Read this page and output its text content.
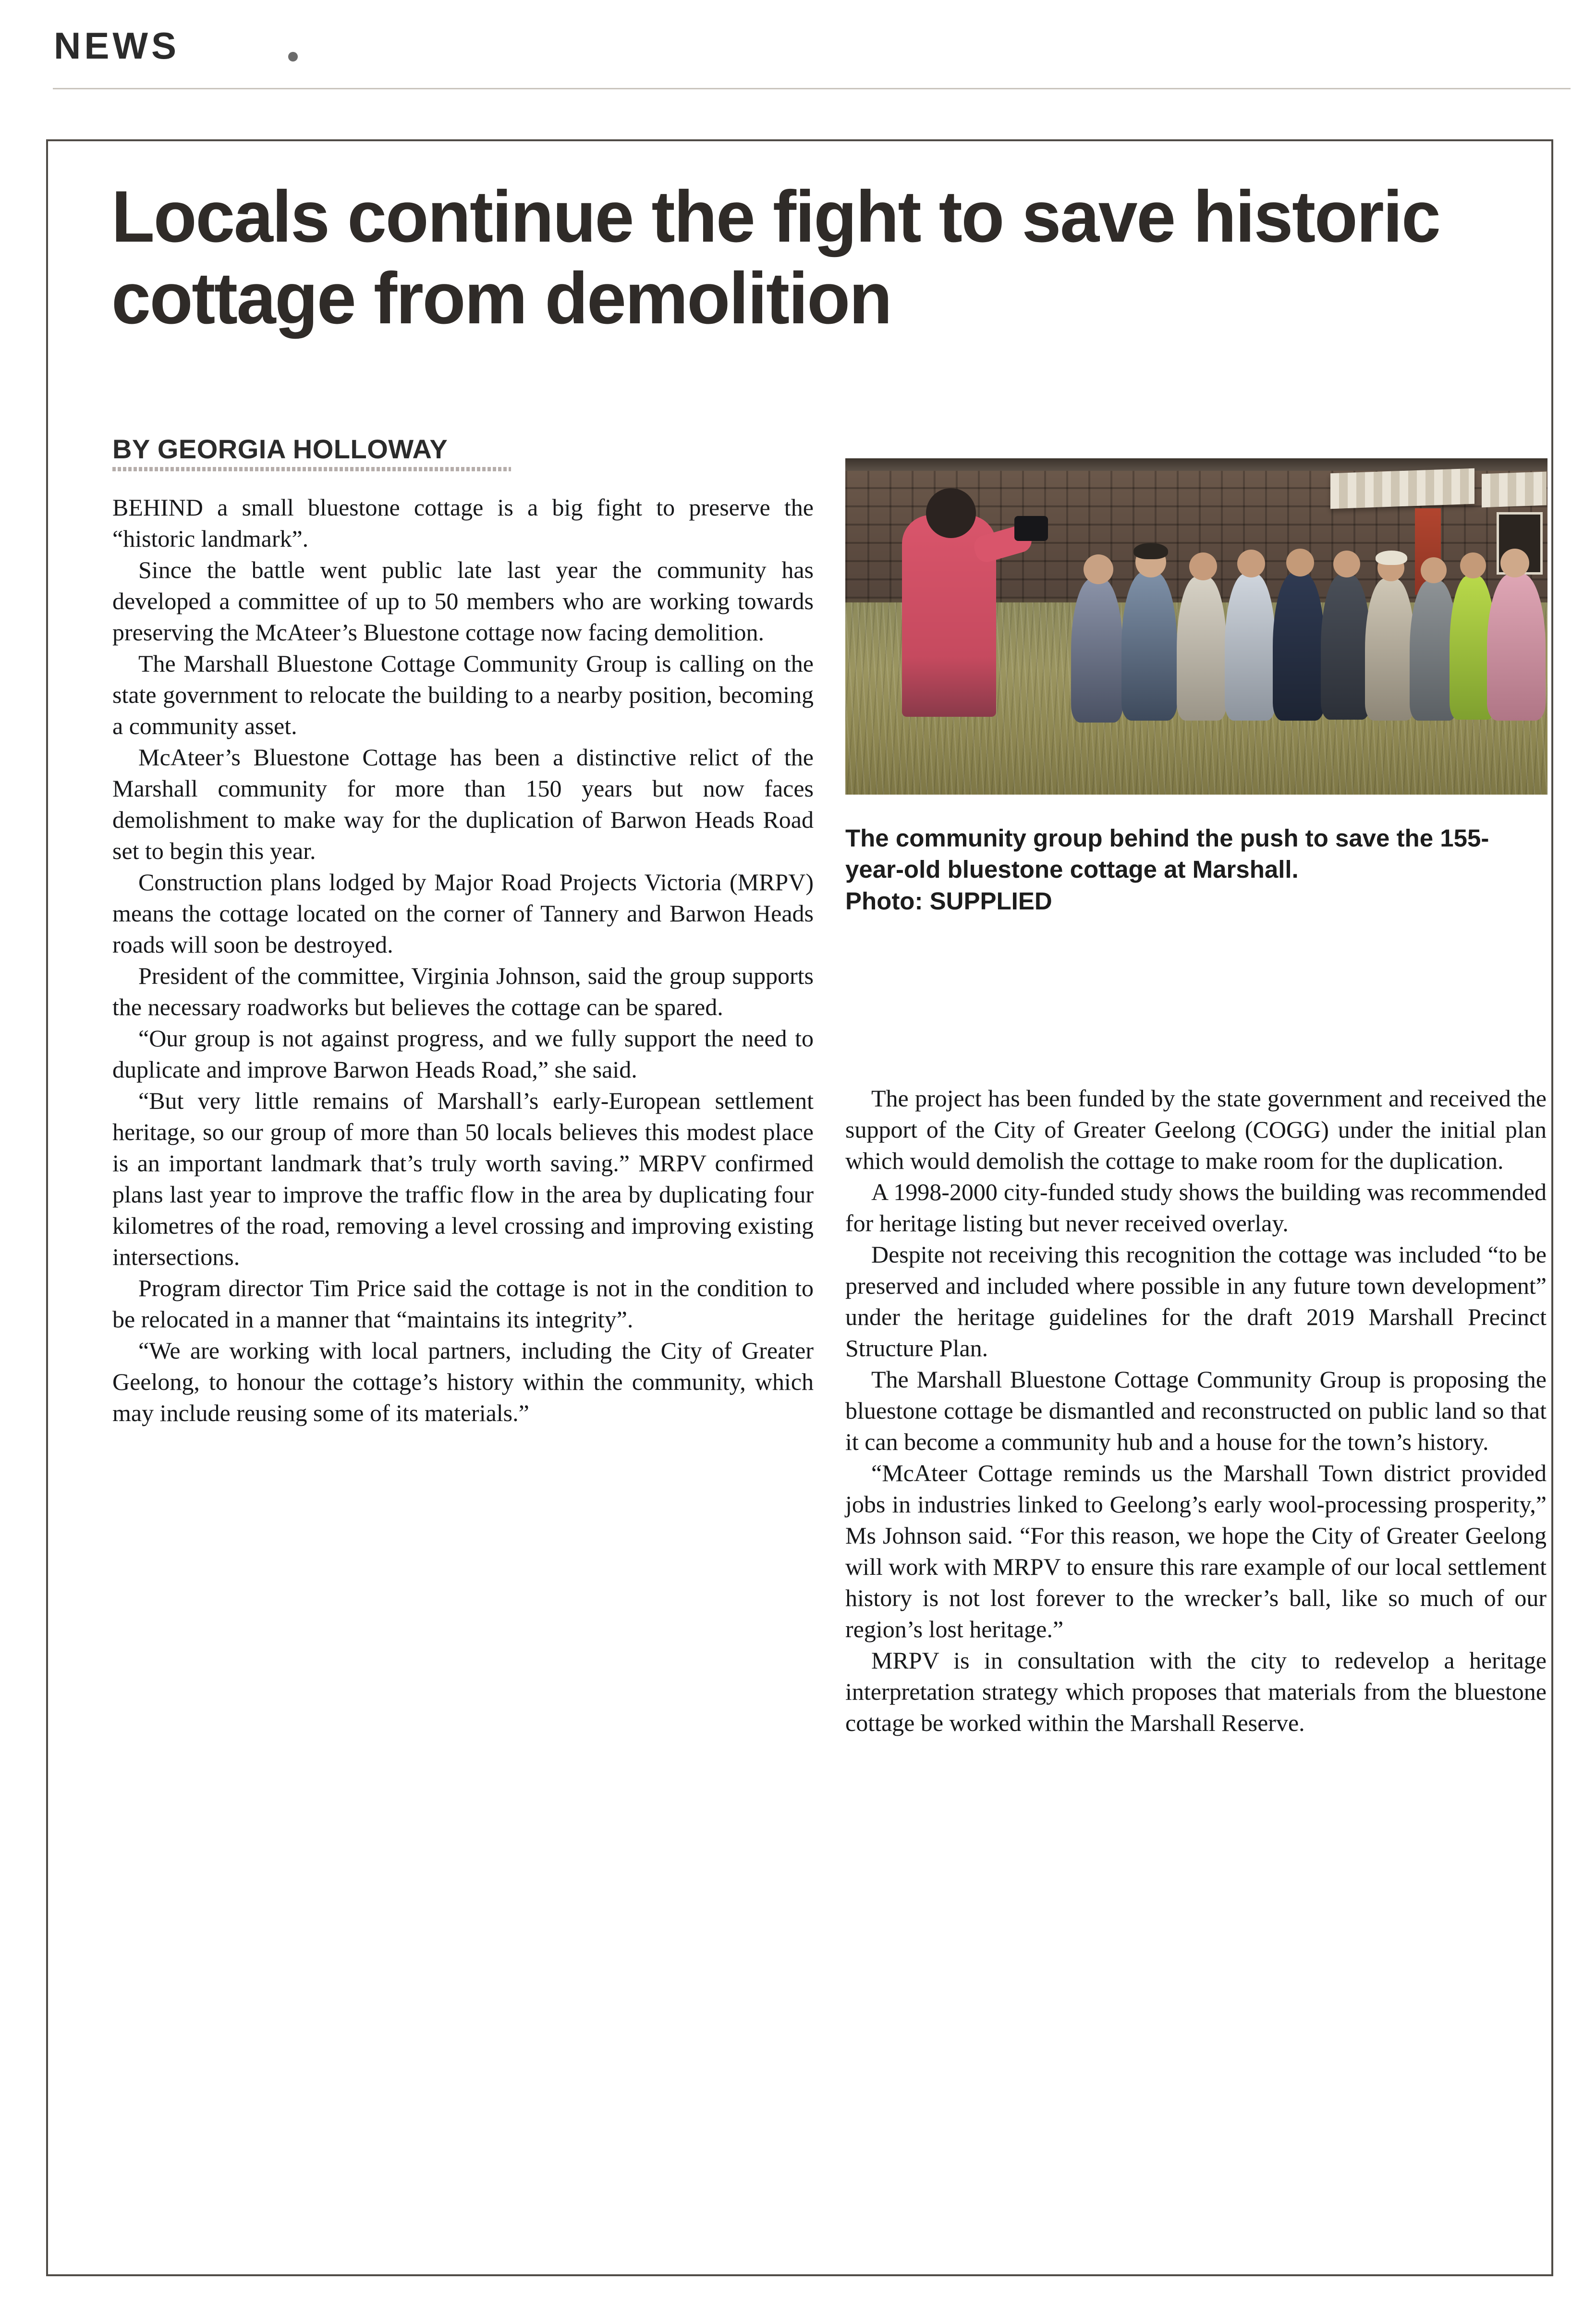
NEWS
Locals continue the fight to save historic cottage from demolition
BY GEORGIA HOLLOWAY
The community group behind the push to save the 155-year-old bluestone cottage at Marshall.
Photo: SUPPLIED

BEHIND a small bluestone cottage is a big fight to preserve the “historic landmark”.

Since the battle went public late last year the community has developed a committee of up to 50 members who are working towards preserving the McAteer’s Bluestone cottage now facing demolition.

The Marshall Bluestone Cottage Community Group is calling on the state government to relocate the building to a nearby position, becoming a community asset.

McAteer’s Bluestone Cottage has been a distinctive relict of the Marshall community for more than 150 years but now faces demolishment to make way for the duplication of Barwon Heads Road set to begin this year.

Construction plans lodged by Major Road Projects Victoria (MRPV) means the cottage located on the corner of Tannery and Barwon Heads roads will soon be destroyed.

President of the committee, Virginia Johnson, said the group supports the necessary roadworks but believes the cottage can be spared.

“Our group is not against progress, and we fully support the need to duplicate and improve Barwon Heads Road,” she said.

“But very little remains of Marshall’s early-European settlement heritage, so our group of more than 50 locals believes this modest place is an important landmark that’s truly worth saving.” MRPV confirmed plans last year to improve the traffic flow in the area by duplicating four kilometres of the road, removing a level crossing and improving existing intersections.

Program director Tim Price said the cottage is not in the condition to be relocated in a manner that “maintains its integrity”.

“We are working with local partners, including the City of Greater Geelong, to honour the cottage’s history within the community, which may include reusing some of its materials.”

The project has been funded by the state government and received the support of the City of Greater Geelong (COGG) under the initial plan which would demolish the cottage to make room for the duplication.

A 1998-2000 city-funded study shows the building was recommended for heritage listing but never received overlay.

Despite not receiving this recognition the cottage was included “to be preserved and included where possible in any future town development” under the heritage guidelines for the draft 2019 Marshall Precinct Structure Plan.

The Marshall Bluestone Cottage Community Group is proposing the bluestone cottage be dismantled and reconstructed on public land so that it can become a community hub and a house for the town’s history.

“McAteer Cottage reminds us the Marshall Town district provided jobs in industries linked to Geelong’s early wool-processing prosperity,” Ms Johnson said. “For this reason, we hope the City of Greater Geelong will work with MRPV to ensure this rare example of our local settlement history is not lost forever to the wrecker’s ball, like so much of our region’s lost heritage.”

MRPV is in consultation with the city to redevelop a heritage interpretation strategy which proposes that materials from the bluestone cottage be worked within the Marshall Reserve.
